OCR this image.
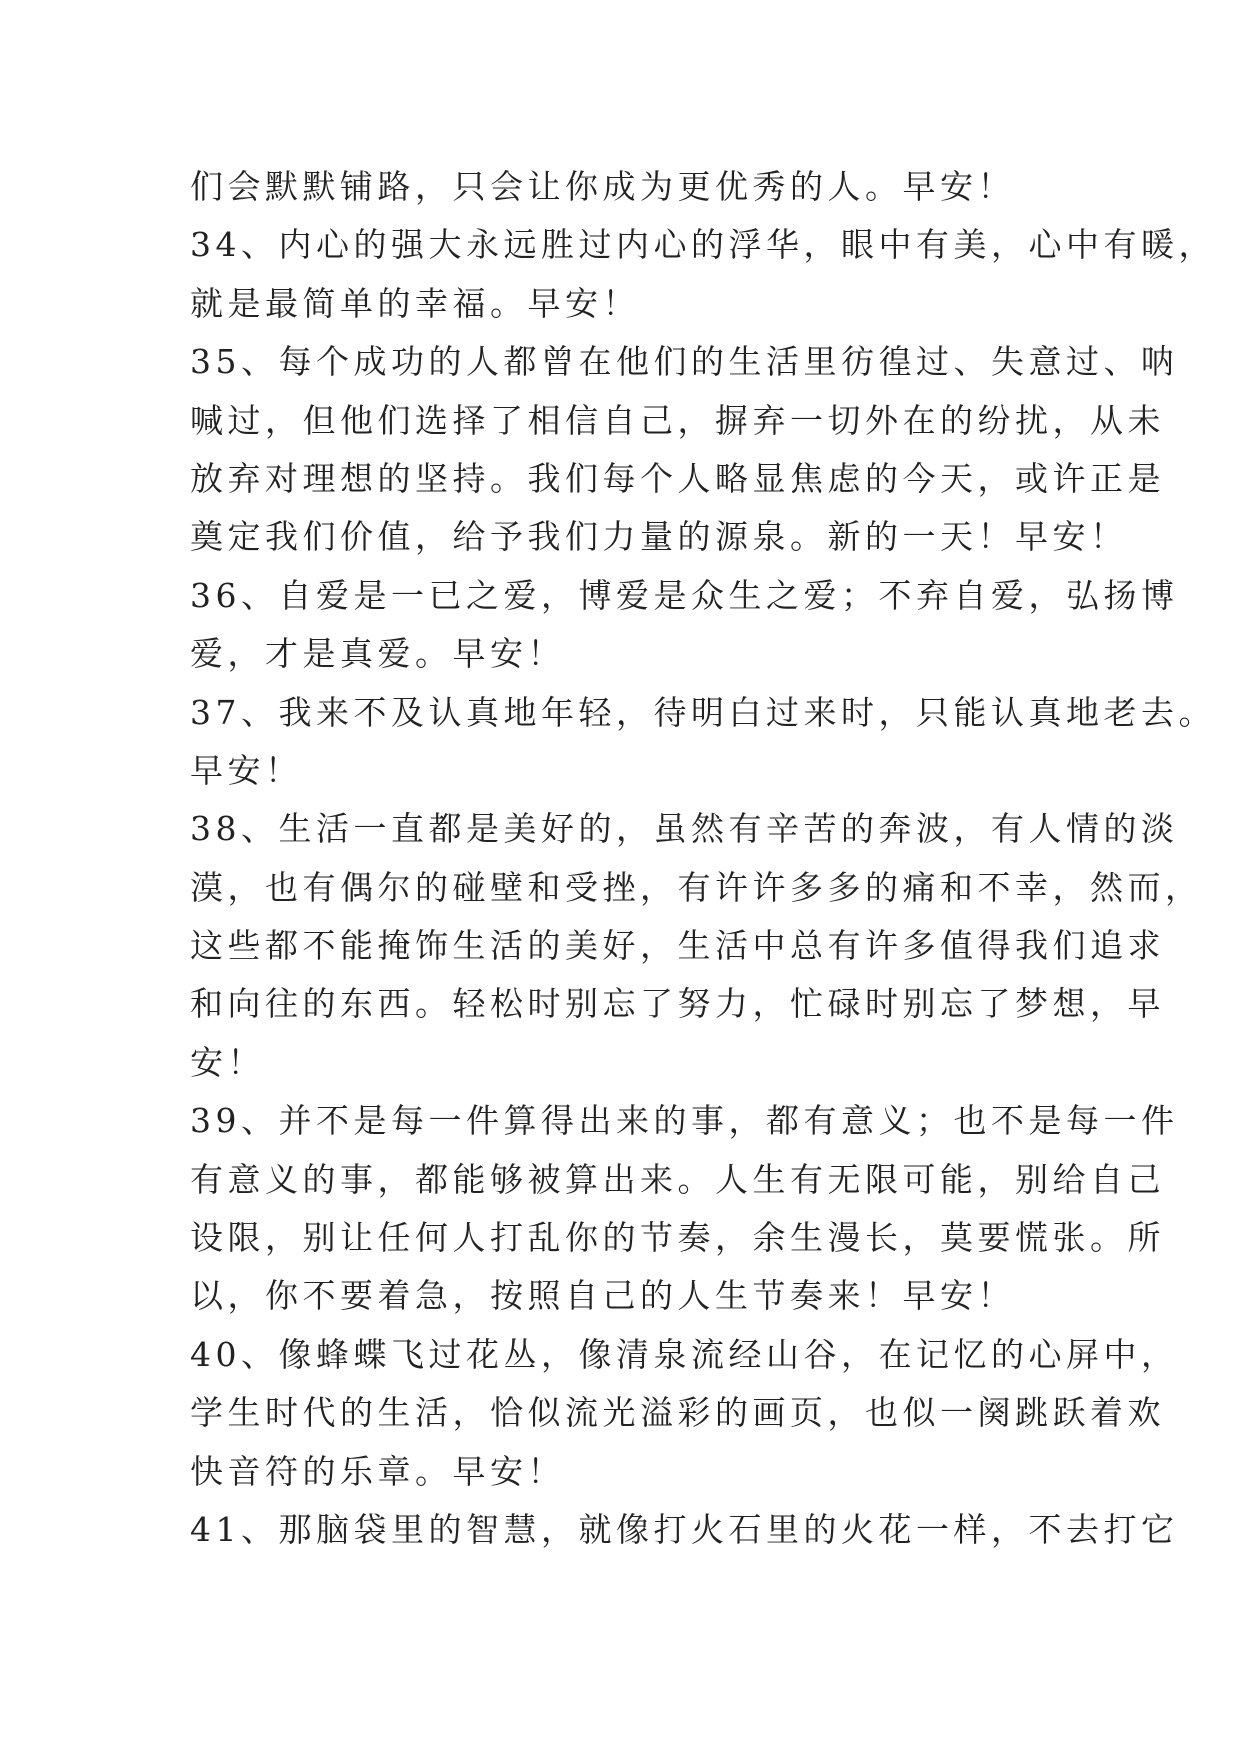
们会默默铺路，只会让你成为更优秀的人。早安！
34、内心的强大永远胜过内心的浮华，眼中有美，心中有暖，
就是最简单的幸福。早安！
35、每个成功的人都曾在他们的生活里彷徨过、失意过、呐
喊过，但他们选择了相信自己，摒弃一切外在的纷扰，从未
放弃对理想的坚持。我们每个人略显焦虑的今天，或许正是
奠定我们价值，给予我们力量的源泉。新的一天！早安！
36、自爱是一已之爱，博爱是众生之爱；不弃自爱，弘扬博
爱，才是真爱。早安！
37、我来不及认真地年轻，待明白过来时，只能认真地老去。
早安！
38、生活一直都是美好的，虽然有辛苦的奔波，有人情的淡
漠，也有偶尔的碰壁和受挫，有许许多多的痛和不幸，然而，
这些都不能掩饰生活的美好，生活中总有许多值得我们追求
和向往的东西。轻松时别忘了努力，忙碌时别忘了梦想，早
安！
39、并不是每一件算得出来的事，都有意义；也不是每一件
有意义的事，都能够被算出来。人生有无限可能，别给自己
设限，别让任何人打乱你的节奏，余生漫长，莫要慌张。所
以，你不要着急，按照自己的人生节奏来！早安！
40、像蜂蝶飞过花丛，像清泉流经山谷，在记忆的心屏中，
学生时代的生活，恰似流光溢彩的画页，也似一阕跳跃着欢
快音符的乐章。早安！
41、那脑袋里的智慧，就像打火石里的火花一样，不去打它
